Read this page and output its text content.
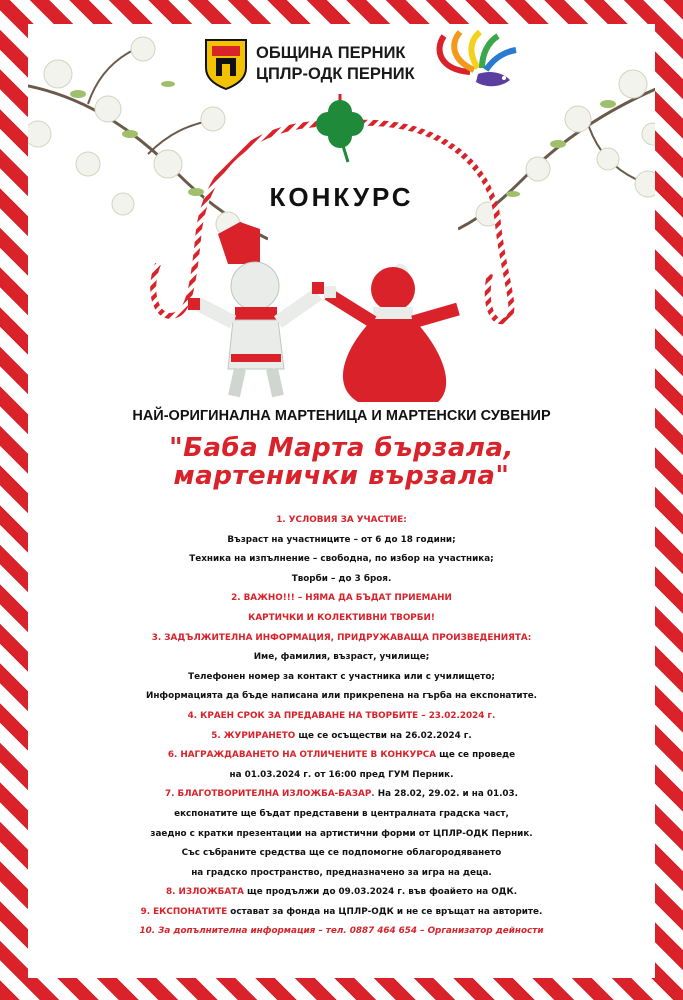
ОБЩИНА ПЕРНИК
ЦПЛР-ОДК ПЕРНИК
КОНКУРС
НАЙ-ОРИГИНАЛНА МАРТЕНИЦА И МАРТЕНСКИ СУВЕНИР
"Баба Марта бързала,
мартенички вързала"
1. УСЛОВИЯ ЗА УЧАСТИЕ:
Възраст на участниците – от 6 до 18 години;
Техника на изпълнение – свободна, по избор на участника;
Творби – до 3 броя.
2. ВАЖНО!!! – НЯМА ДА БЪДАТ ПРИЕМАНИ
КАРТИЧКИ И КОЛЕКТИВНИ ТВОРБИ!
3. ЗАДЪЛЖИТЕЛНА ИНФОРМАЦИЯ, ПРИДРУЖАВАЩА ПРОИЗВЕДЕНИЯТА:
Име, фамилия, възраст, училище;
Телефонен номер за контакт с участника или с училището;
Информацията да бъде написана или прикрепена на гърба на експонатите.
4. КРАЕН СРОК ЗА ПРЕДАВАНЕ НА ТВОРБИТЕ – 23.02.2024 г.
5. ЖУРИРАНЕТО ще се осъществи на 26.02.2024 г.
6. НАГРАЖДАВАНЕТО НА ОТЛИЧЕНИТЕ В КОНКУРСА ще се проведе
на 01.03.2024 г. от 16:00 пред ГУМ Перник.
7. БЛАГОТВОРИТЕЛНА ИЗЛОЖБА-БАЗАР. На 28.02, 29.02. и на 01.03.
експонатите ще бъдат представени в централната градска част,
заедно с кратки презентации на артистични форми от ЦПЛР-ОДК Перник.
Със събраните средства ще се подпомогне облагородяването
на градско пространство, предназначено за игра на деца.
8. ИЗЛОЖБАТА ще продължи до 09.03.2024 г. във фоайето на ОДК.
9. ЕКСПОНАТИТЕ остават за фонда на ЦПЛР-ОДК и не се връщат на авторите.
10. За допълнителна информация – тел. 0887 464 654 – Организатор дейности
